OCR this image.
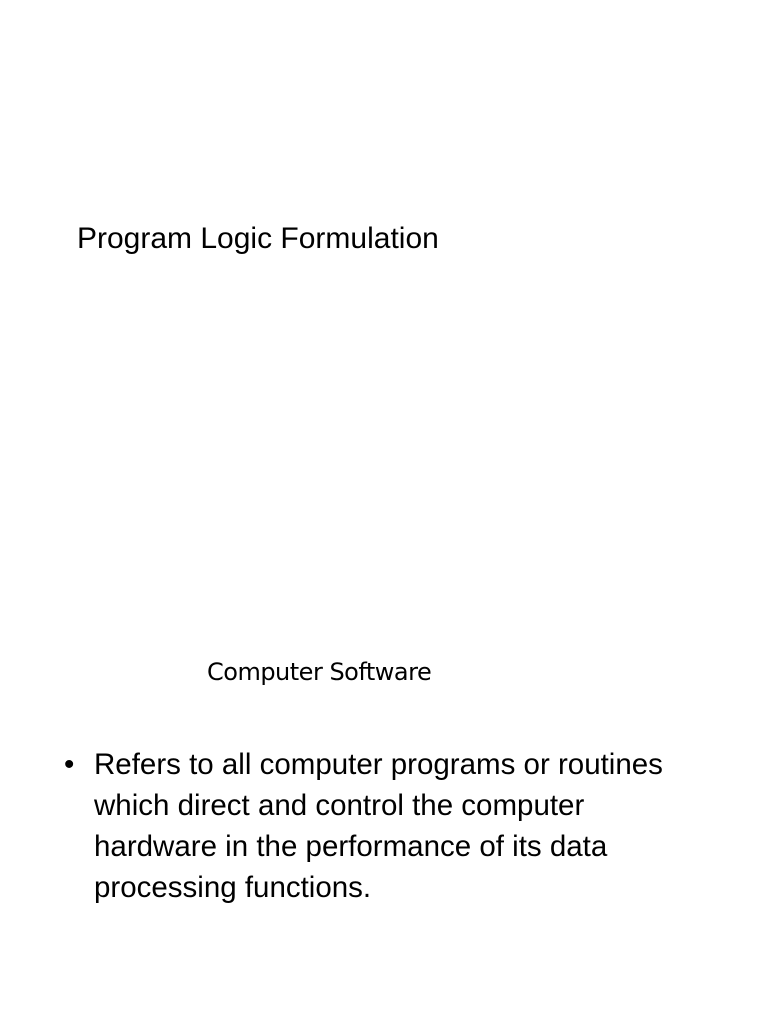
Program Logic Formulation
Computer Software
• Refers to all computer programs or routines which direct and control the computer hardware in the performance of its data processing functions.
